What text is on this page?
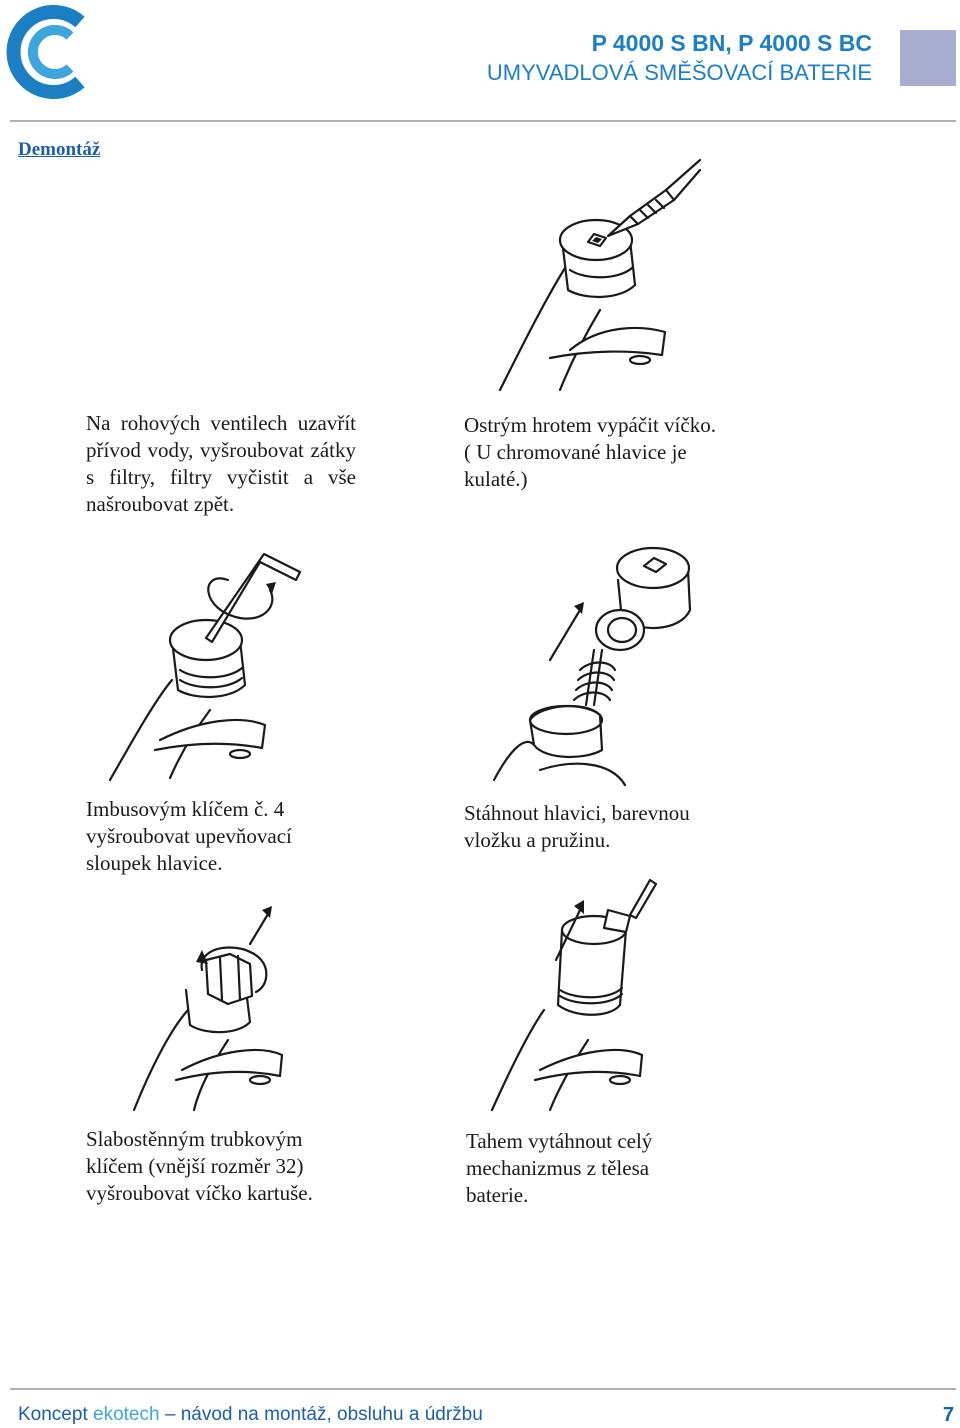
P 4000 S BN, P 4000 S BC
UMYVADLOVÁ SMĚŠOVACÍ BATERIE
Demontáž
Na rohových ventilech uzavřít přívod vody, vyšroubovat zátky s filtry, filtry vyčistit a vše našroubovat zpět.
Ostrým hrotem vypáčit víčko. ( U chromované hlavice je kulaté.)
Imbusovým klíčem č. 4
vyšroubovat upevňovací
sloupek hlavice.
Stáhnout hlavici, barevnou
vložku a pružinu.
Slabostěnným trubkovým
klíčem (vnější rozměr 32)
vyšroubovat víčko kartuše.
Tahem vytáhnout celý
mechanizmus z tělesa
baterie.
Koncept ekotech – návod na montáž, obsluhu a údržbu	7
